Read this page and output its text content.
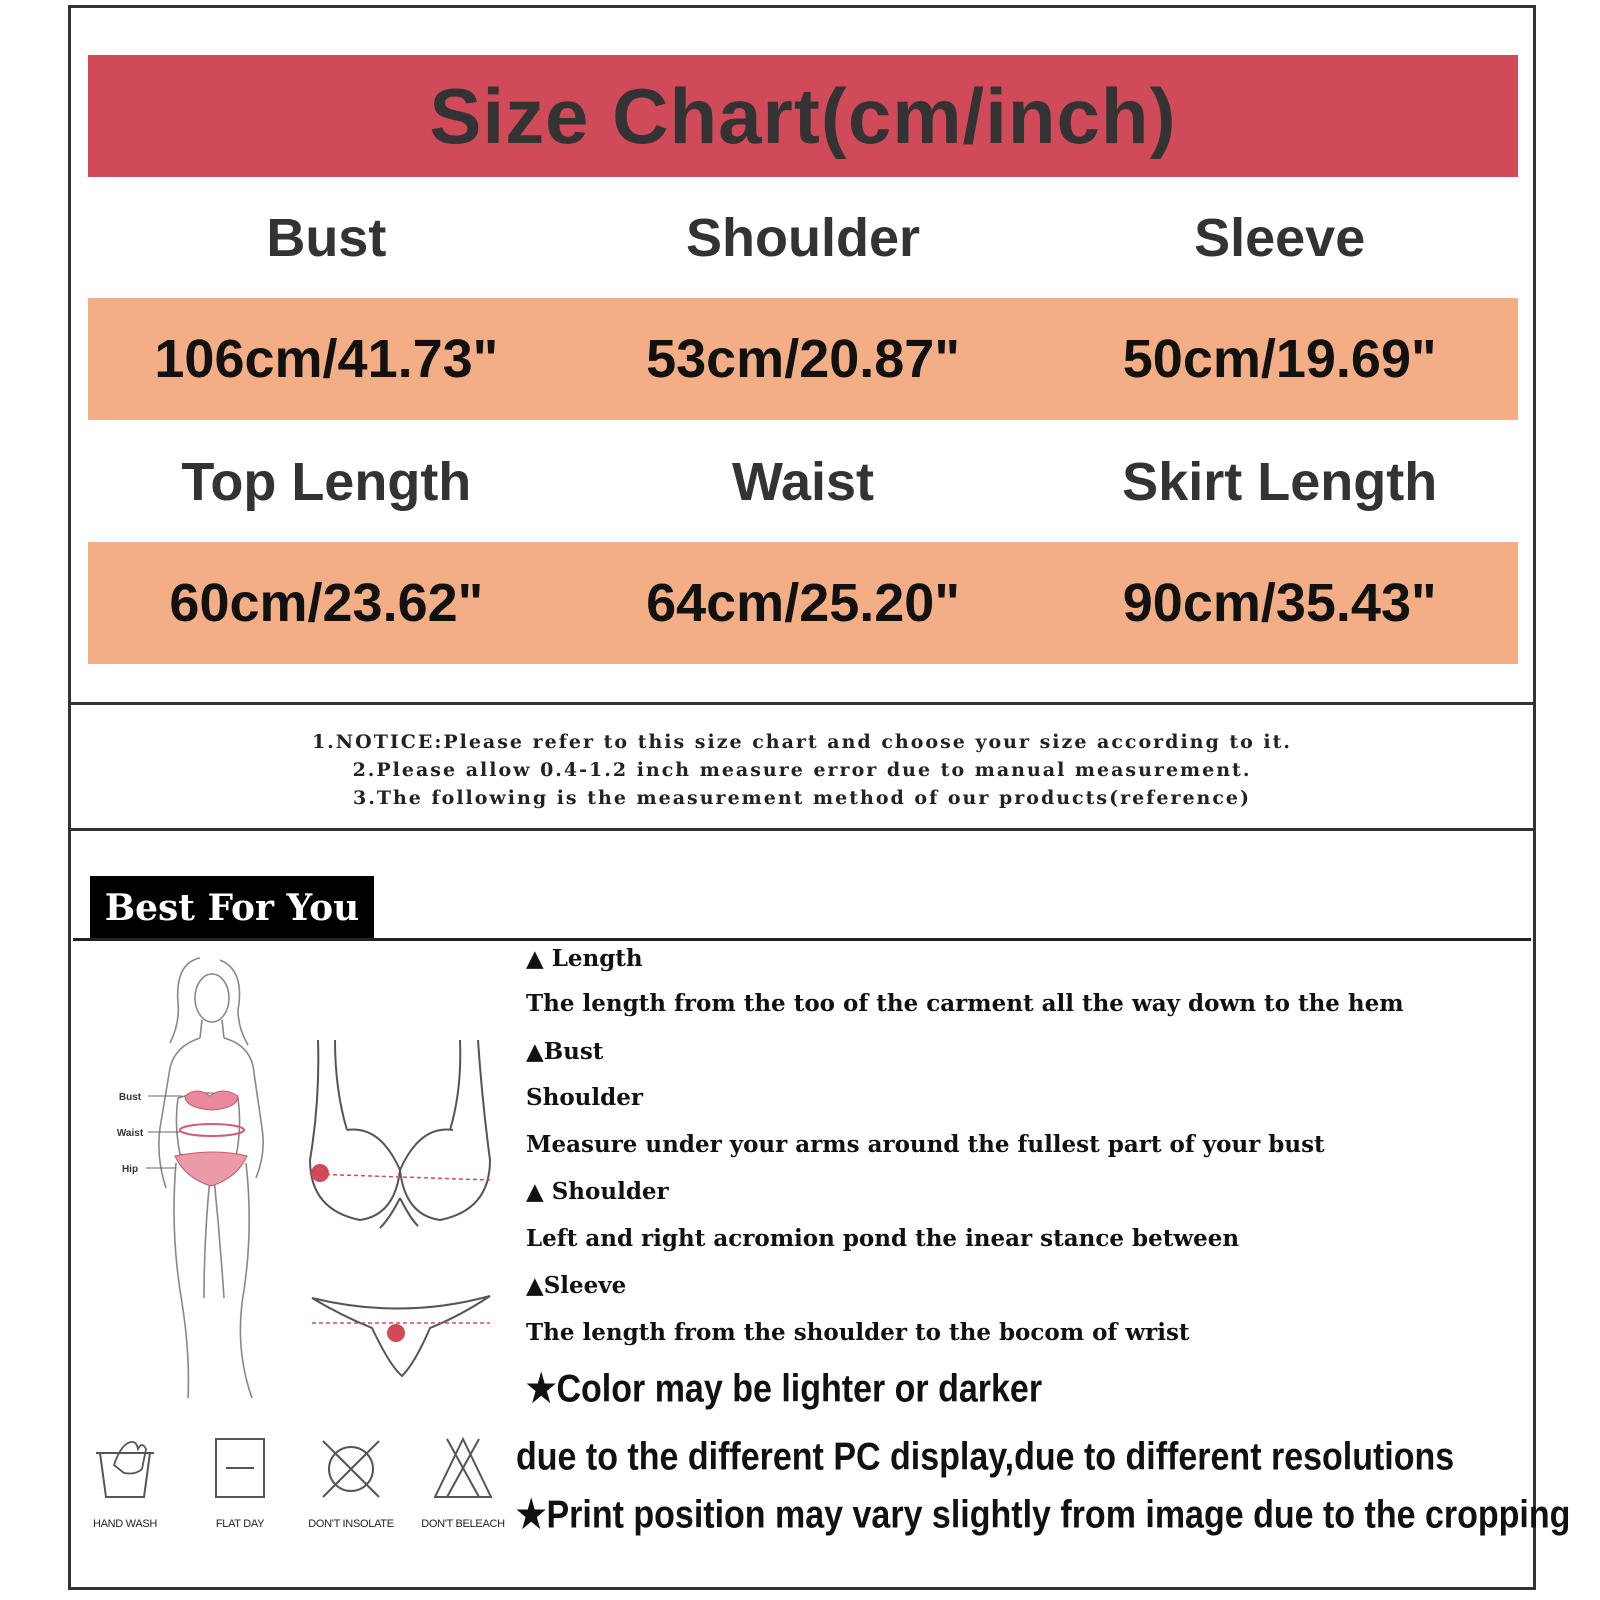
Size Chart(cm/inch)
Bust	Shoulder	Sleeve
106cm/41.73"	53cm/20.87"	50cm/19.69"
Top Length	Waist	Skirt Length
60cm/23.62"	64cm/25.20"	90cm/35.43"
1.NOTICE:Please refer to this size chart and choose your size according to it.
2.Please allow 0.4-1.2 inch measure error due to manual measurement.
3.The following is the measurement method of our products(reference)
Best For You
Bust
Waist
Hip
▲ Length
The length from the too of the carment all the way down to the hem
▲Bust
Shoulder
Measure under your arms around the fullest part of your bust
▲ Shoulder
Left and right acromion pond the inear stance between
▲Sleeve
The length from the shoulder to the bocom of wrist
★Color may be lighter or darker
due to the different PC display,due to different resolutions
★Print position may vary slightly from image due to the cropping
HAND WASH	FLAT DAY	DON'T INSOLATE	DON'T BELEACH
